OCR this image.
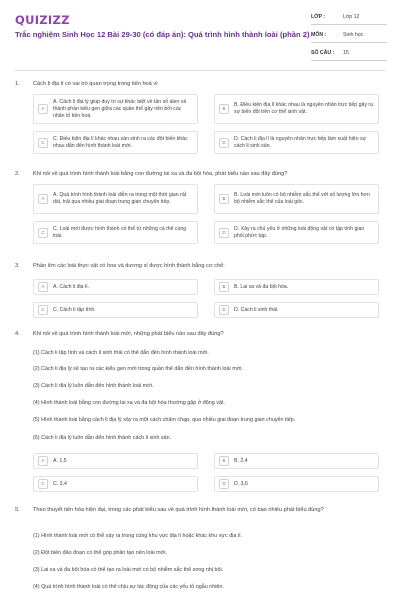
QUIZIZZ
Trắc nghiệm Sinh Học 12 Bài 29-30 (có đáp án): Quá trình hình thành loài (phần 2)
LỚP :	Lớp 12
MÔN :	Sinh học
SỐ CÂU :	15
1. Cách li địa lí có vai trò quan trọng trong tiến hoá vì
A
A. Cách li địa lý giúp duy trì sự khác biệt về tần số alen và thành phần kiểu gen giữa các quần thể gây nên bởi các nhân tố tiến hoá.
B
B. Điều kiện địa lí khác nhau là nguyên nhân trực tiếp gây ra sự biến đổi trên cơ thể sinh vật.
C
C. Điều kiện địa lí khác nhau sản sinh ra các đột biến khác nhau dẫn đến hình thành loài mới.
D
D. Cách li địa lí là nguyên nhân trực tiếp làm xuất hiện sự cách li sinh sản.
2. Khi nói về quá trình hình thành loài bằng con đường lai xa và đa bội hóa, phát biểu nào sau đây đúng?
A
A. Quá trình hình thành loài diễn ra trong một thời gian rất dài, trải qua nhiều giai đoạn trung gian chuyển tiếp.
B
B. Loài mới luôn có bộ nhiễm sắc thể với số lượng lớn hơn bộ nhiễm sắc thể của loài gốc.
C
C. Loài mới được hình thành có thể từ những cá thể cùng loài.
D
D. Xảy ra chủ yếu ở những loài động vật có tập tính giao phối phức tạp.
3. Phần lớn các loài thực vật có hoa và dương xỉ được hình thành bằng cơ chế:
A	A. Cách li địa lí.	B	B. Lai xa và đa bội hóa.
C	C. Cách li tập tính.	D	D. Cách li sinh thái.
4. Khi nói về quá trình hình thành loài mới, những phát biểu nào sau đây đúng?
(1) Cách li tập tính và cách li sinh thái có thể dẫn đến hình thành loài mới.
(2) Cách li địa lý sẽ tạo ra các kiểu gen mới trong quần thể dẫn đến hình thành loài mới.
(3) Cách li địa lý luôn dẫn đến hình thành loài mới.
(4) Hình thành loài bằng con đường lai xa và đa bội hóa thường gặp ở động vật.
(5) Hình thành loài bằng cách li địa lý xảy ra một cách chậm chạp, qua nhiều giai đoạn trung gian chuyển tiếp.
(6) Cách li địa lý luôn dẫn đến hình thành cách li sinh sản.
A	A. 1,5	B	B. 2,4
C	C. 3,4	D	D. 3,6
5. Theo thuyết tiến hóa hiện đại, trong các phát biểu sau về quá trình hình thành loài mới, có bao nhiêu phát biểu đúng?
(1) Hình thành loài mới có thể xảy ra trong cùng khu vực địa lí hoặc khác khu vực địa lí.
(2) Đột biến đảo đoạn có thể góp phần tạo nên loài mới.
(3) Lai xa và đa bội hóa có thể tạo ra loài mới có bộ nhiễm sắc thể song nhị bội.
(4) Quá trình hình thành loài có thể chịu sự tác động của các yếu tố ngẫu nhiên.
